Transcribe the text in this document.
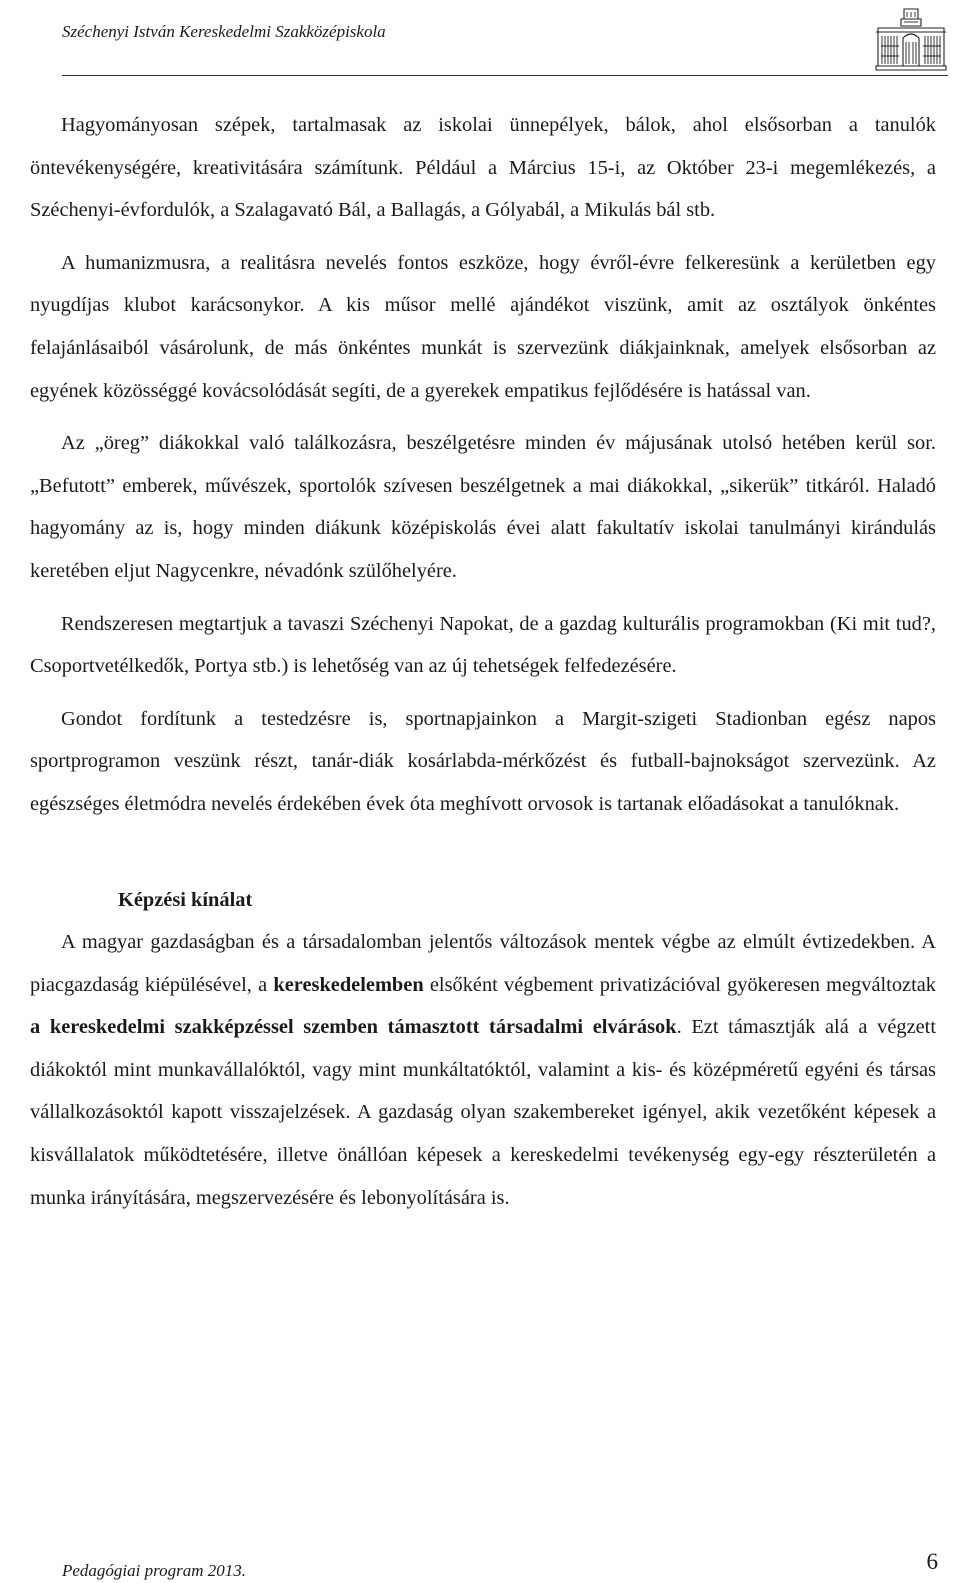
Széchenyi István Kereskedelmi Szakközépiskola

Hagyományosan szépek, tartalmasak az iskolai ünnepélyek, bálok, ahol elsősorban a tanulók öntevékenységére, kreativitására számítunk. Például a Március 15-i, az Október 23-i megemlékezés, a Széchenyi-évfordulók, a Szalagavató Bál, a Ballagás, a Gólyabál, a Mikulás bál stb.

A humanizmusra, a realitásra nevelés fontos eszköze, hogy évről-évre felkeresünk a kerületben egy nyugdíjas klubot karácsonykor. A kis műsor mellé ajándékot viszünk, amit az osztályok önkéntes felajánlásaiból vásárolunk, de más önkéntes munkát is szervezünk diákjainknak, amelyek elsősorban az egyének közösséggé kovácsolódását segíti, de a gyerekek empatikus fejlődésére is hatással van.

Az „öreg” diákokkal való találkozásra, beszélgetésre minden év májusának utolsó hetében kerül sor. „Befutott” emberek, művészek, sportolók szívesen beszélgetnek a mai diákokkal, „sikerük” titkáról. Haladó hagyomány az is, hogy minden diákunk középiskolás évei alatt fakultatív iskolai tanulmányi kirándulás keretében eljut Nagycenkre, névadónk szülőhelyére.

Rendszeresen megtartjuk a tavaszi Széchenyi Napokat, de a gazdag kulturális programokban (Ki mit tud?, Csoportvetélkedők, Portya stb.) is lehetőség van az új tehetségek felfedezésére.

Gondot fordítunk a testedzésre is, sportnapjainkon a Margit-szigeti Stadionban egész napos sportprogramon veszünk részt, tanár-diák kosárlabda-mérkőzést és futball-bajnokságot szervezünk. Az egészséges életmódra nevelés érdekében évek óta meghívott orvosok is tartanak előadásokat a tanulóknak.

Képzési kínálat

A magyar gazdaságban és a társadalomban jelentős változások mentek végbe az elmúlt évtizedekben. A piacgazdaság kiépülésével, a kereskedelemben elsőként végbement privatizációval gyökeresen megváltoztak a kereskedelmi szakképzéssel szemben támasztott társadalmi elvárások. Ezt támasztják alá a végzett diákoktól mint munkavállalóktól, vagy mint munkáltatóktól, valamint a kis- és középméretű egyéni és társas vállalkozásoktól kapott visszajelzések. A gazdaság olyan szakembereket igényel, akik vezetőként képesek a kisvállalatok működtetésére, illetve önállóan képesek a kereskedelmi tevékenység egy-egy részterületén a munka irányítására, megszervezésére és lebonyolítására is.

Pedagógiai program 2013.	6
